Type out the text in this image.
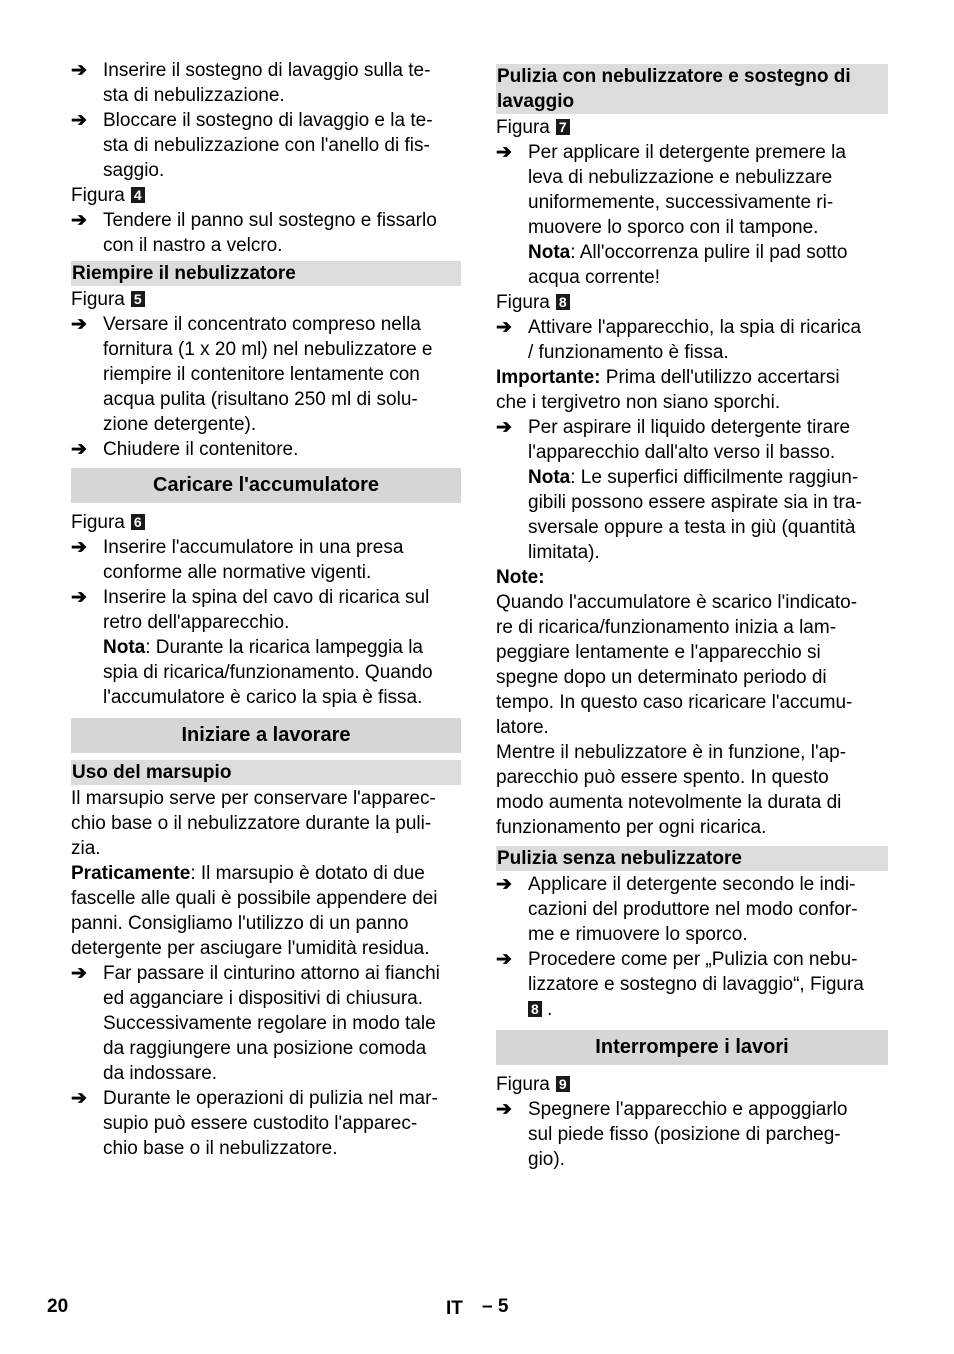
➔ Inserire il sostegno di lavaggio sulla te-
sta di nebulizzazione.
➔ Bloccare il sostegno di lavaggio e la te-
sta di nebulizzazione con l'anello di fis-
saggio.
Figura 4
➔ Tendere il panno sul sostegno e fissarlo
con il nastro a velcro.
Riempire il nebulizzatore
Figura 5
➔ Versare il concentrato compreso nella
fornitura (1 x 20 ml) nel nebulizzatore e
riempire il contenitore lentamente con
acqua pulita (risultano 250 ml di solu-
zione detergente).
➔ Chiudere il contenitore.
Caricare l'accumulatore
Figura 6
➔ Inserire l'accumulatore in una presa
conforme alle normative vigenti.
➔ Inserire la spina del cavo di ricarica sul
retro dell'apparecchio.
Nota: Durante la ricarica lampeggia la
spia di ricarica/funzionamento. Quando
l'accumulatore è carico la spia è fissa.
Iniziare a lavorare
Uso del marsupio
Il marsupio serve per conservare l'apparec-
chio base o il nebulizzatore durante la puli-
zia.
Praticamente: Il marsupio è dotato di due
fascelle alle quali è possibile appendere dei
panni. Consigliamo l'utilizzo di un panno
detergente per asciugare l'umidità residua.
➔ Far passare il cinturino attorno ai fianchi
ed agganciare i dispositivi di chiusura.
Successivamente regolare in modo tale
da raggiungere una posizione comoda
da indossare.
➔ Durante le operazioni di pulizia nel mar-
supio può essere custodito l'apparec-
chio base o il nebulizzatore.
Pulizia con nebulizzatore e sostegno di
lavaggio
Figura 7
➔ Per applicare il detergente premere la
leva di nebulizzazione e nebulizzare
uniformemente, successivamente ri-
muovere lo sporco con il tampone.
Nota: All'occorrenza pulire il pad sotto
acqua corrente!
Figura 8
➔ Attivare l'apparecchio, la spia di ricarica
/ funzionamento è fissa.
Importante: Prima dell'utilizzo accertarsi
che i tergivetro non siano sporchi.
➔ Per aspirare il liquido detergente tirare
l'apparecchio dall'alto verso il basso.
Nota: Le superfici difficilmente raggiun-
gibili possono essere aspirate sia in tra-
sversale oppure a testa in giù (quantità
limitata).
Note:
Quando l'accumulatore è scarico l'indicato-
re di ricarica/funzionamento inizia a lam-
peggiare lentamente e l'apparecchio si
spegne dopo un determinato periodo di
tempo. In questo caso ricaricare l'accumu-
latore.
Mentre il nebulizzatore è in funzione, l'ap-
parecchio può essere spento. In questo
modo aumenta notevolmente la durata di
funzionamento per ogni ricarica.
Pulizia senza nebulizzatore
➔ Applicare il detergente secondo le indi-
cazioni del produttore nel modo confor-
me e rimuovere lo sporco.
➔ Procedere come per „Pulizia con nebu-
lizzatore e sostegno di lavaggio“, Figura
8 .
Interrompere i lavori
Figura 9
➔ Spegnere l'apparecchio e appoggiarlo
sul piede fisso (posizione di parcheg-
gio).
20	IT – 5
